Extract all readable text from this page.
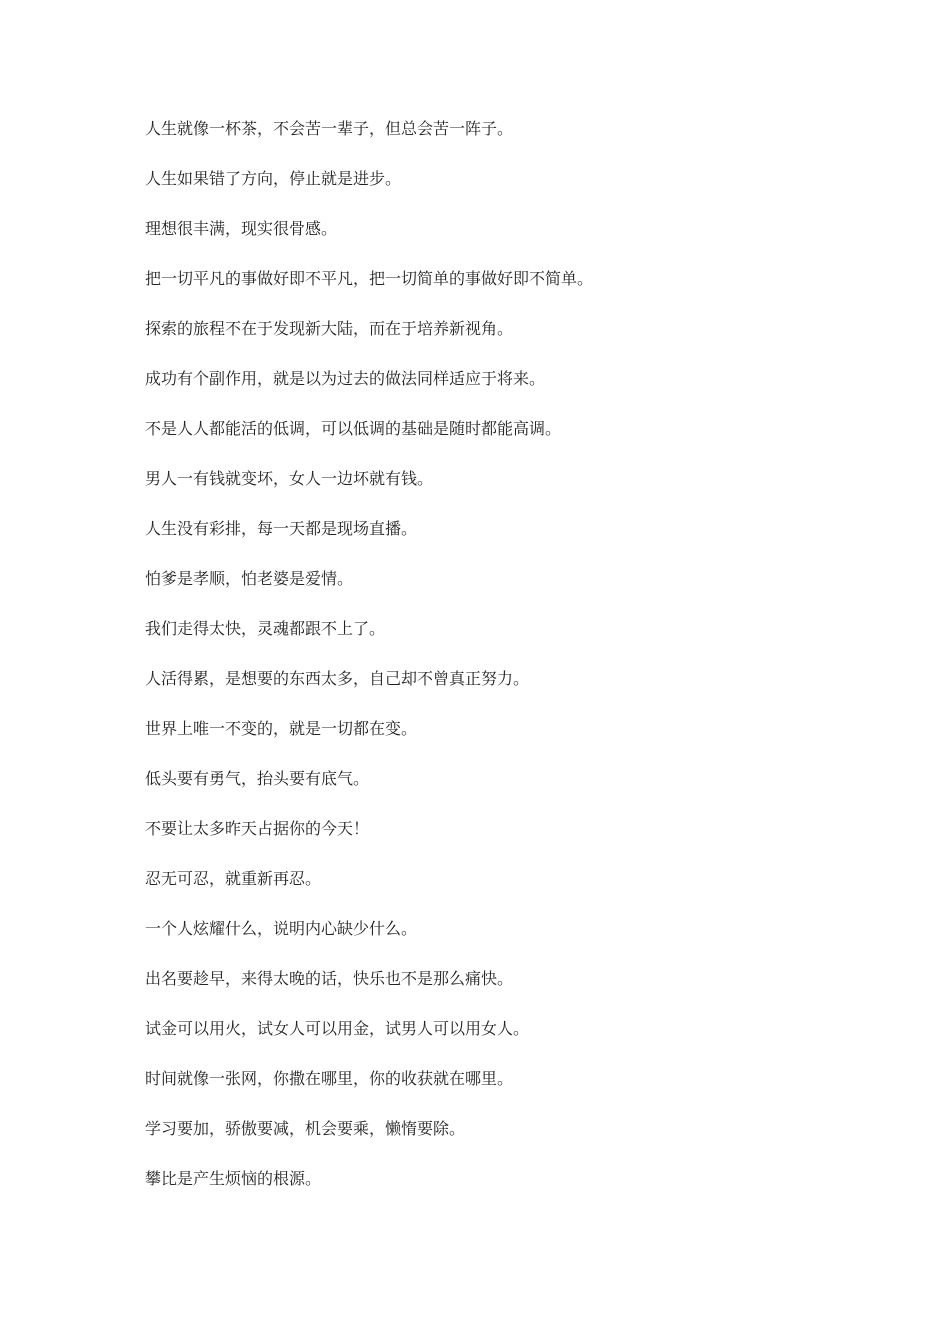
人生就像一杯茶，不会苦一辈子，但总会苦一阵子。
人生如果错了方向，停止就是进步。
理想很丰满，现实很骨感。
把一切平凡的事做好即不平凡，把一切简单的事做好即不简单。
探索的旅程不在于发现新大陆，而在于培养新视角。
成功有个副作用，就是以为过去的做法同样适应于将来。
不是人人都能活的低调，可以低调的基础是随时都能高调。
男人一有钱就变坏，女人一边坏就有钱。
人生没有彩排，每一天都是现场直播。
怕爹是孝顺，怕老婆是爱情。
我们走得太快，灵魂都跟不上了。
人活得累，是想要的东西太多，自己却不曾真正努力。
世界上唯一不变的，就是一切都在变。
低头要有勇气，抬头要有底气。
不要让太多昨天占据你的今天！
忍无可忍，就重新再忍。
一个人炫耀什么，说明内心缺少什么。
出名要趁早，来得太晚的话，快乐也不是那么痛快。
试金可以用火，试女人可以用金，试男人可以用女人。
时间就像一张网，你撒在哪里，你的收获就在哪里。
学习要加，骄傲要减，机会要乘，懒惰要除。
攀比是产生烦恼的根源。
